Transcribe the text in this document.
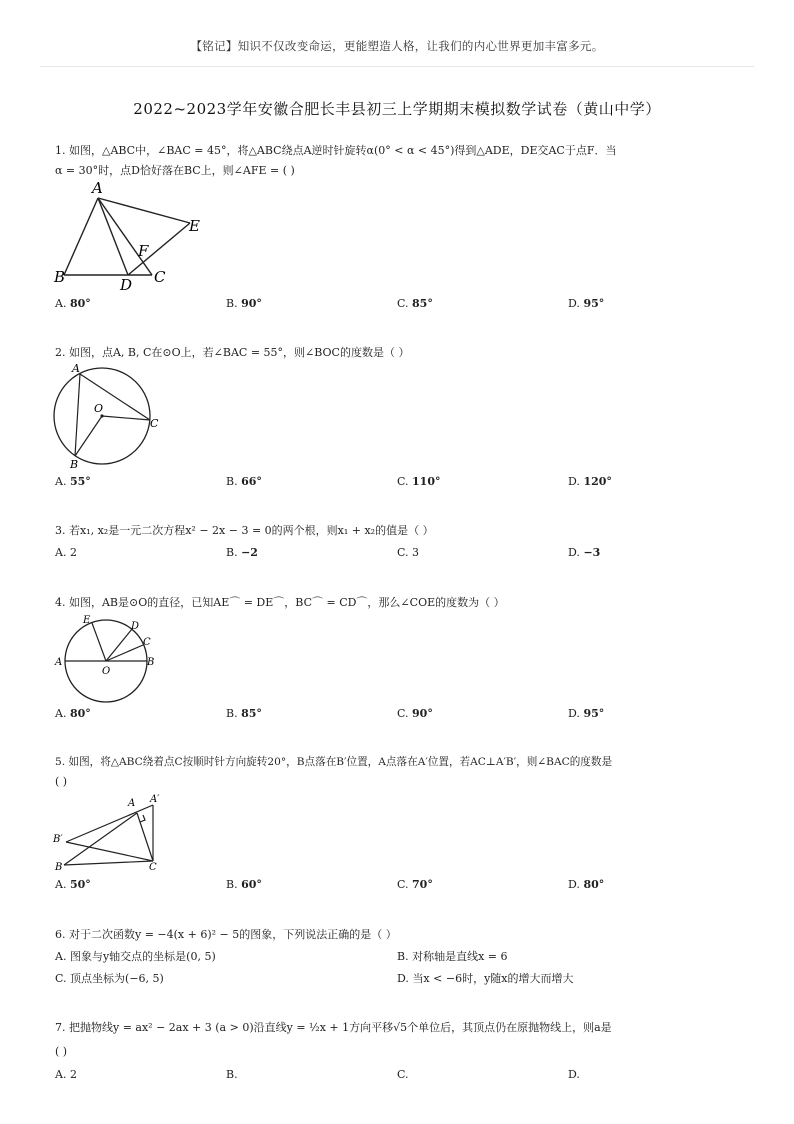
【铭记】知识不仅改变命运，更能塑造人格，让我们的内心世界更加丰富多元。
2022~2023学年安徽合肥长丰县初三上学期期末模拟数学试卷（黄山中学）
1. 如图，△ABC中，∠BAC = 45°，将△ABC绕点A逆时针旋转α(0° < α < 45°)得到△ADE，DE交AC于点F．当
α = 30°时，点D恰好落在BC上，则∠AFE = ( )
A
E
F
B	D C
A. 80°	B. 90°	C. 85°	D. 95°
2. 如图，点A, B, C在⊙O上，若∠BAC = 55°，则∠BOC的度数是（ ）
A
O
C
B
A. 55°	B. 66°	C. 110°	D. 120°
3. 若x₁, x₂是一元二次方程x² − 2x − 3 = 0的两个根，则x₁ + x₂的值是（ ）
A. 2	B. −2	C. 3	D. −3
4. 如图，AB是⊙O的直径，已知AE⌒ = DE⌒，BC⌒ = CD⌒，那么∠COE的度数为（ ）
E
D
C
A	B
O
A. 80°	B. 85°	C. 90°	D. 95°
5. 如图，将△ABC绕着点C按顺时针方向旋转20°，B点落在B′位置，A点落在A′位置，若AC⊥A′B′，则∠BAC的度数是
( )
A A′
B′
B	C
A. 50°	B. 60°	C. 70°	D. 80°
6. 对于二次函数y = −4(x + 6)² − 5的图象，下列说法正确的是（ ）
A. 图象与y轴交点的坐标是(0, 5)	B. 对称轴是直线x = 6
C. 顶点坐标为(−6, 5)	D. 当x < −6时，y随x的增大而增大
7. 把抛物线y = ax² − 2ax + 3 (a > 0)沿直线y = ½x + 1方向平移√5个单位后，其顶点仍在原抛物线上，则a是
( )
A. 2	B.	C.	D.
